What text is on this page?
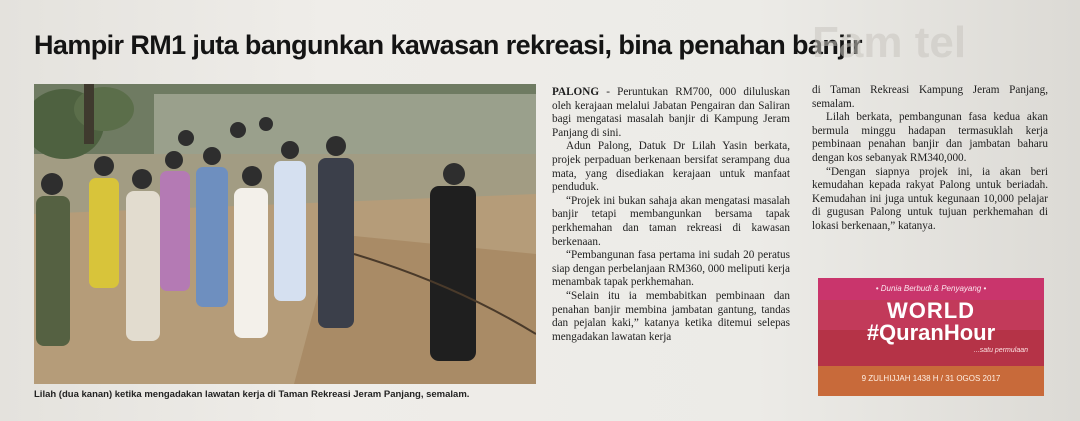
Hampir RM1 juta bangunkan kawasan rekreasi, bina penahan banjir
Fam tel
Lilah (dua kanan) ketika mengadakan lawatan kerja di Taman Rekreasi Jeram Panjang, semalam.

PALONG - Peruntukan RM700, 000 diluluskan oleh kerajaan melalui Jabatan Pengairan dan Saliran bagi mengatasi masalah banjir di Kampung Jeram Panjang di sini.

Adun Palong, Datuk Dr Lilah Yasin berkata, projek perpaduan berkenaan bersifat serampang dua mata, yang disediakan kerajaan untuk manfaat penduduk.

“Projek ini bukan sahaja akan mengatasi masalah banjir tetapi membangunkan bersama tapak perkhemahan dan taman rekreasi di kawasan berkenaan.

“Pembangunan fasa pertama ini sudah 20 peratus siap dengan perbelanjaan RM360, 000 meliputi kerja menambak tapak perkhemahan.

“Selain itu ia membabitkan pembinaan dan penahan banjir membina jambatan gantung, tandas dan pejalan kaki,” katanya ketika ditemui selepas mengadakan lawatan kerja

di Taman Rekreasi Kampung Jeram Panjang, semalam.

Lilah berkata, pembangunan fasa kedua akan bermula minggu hadapan termasuklah kerja pembinaan penahan banjir dan jambatan baharu dengan kos sebanyak RM340,000.

“Dengan siapnya projek ini, ia akan beri kemudahan kepada rakyat Palong untuk beriadah. Kemudahan ini juga untuk kegunaan 10,000 pelajar di gugusan Palong untuk tujuan perkhemahan di lokasi berkenaan,” katanya.

• Dunia Berbudi & Penyayang •
WORLD
#QuranHour
...satu permulaan
9 ZULHIJJAH 1438 H / 31 OGOS 2017
